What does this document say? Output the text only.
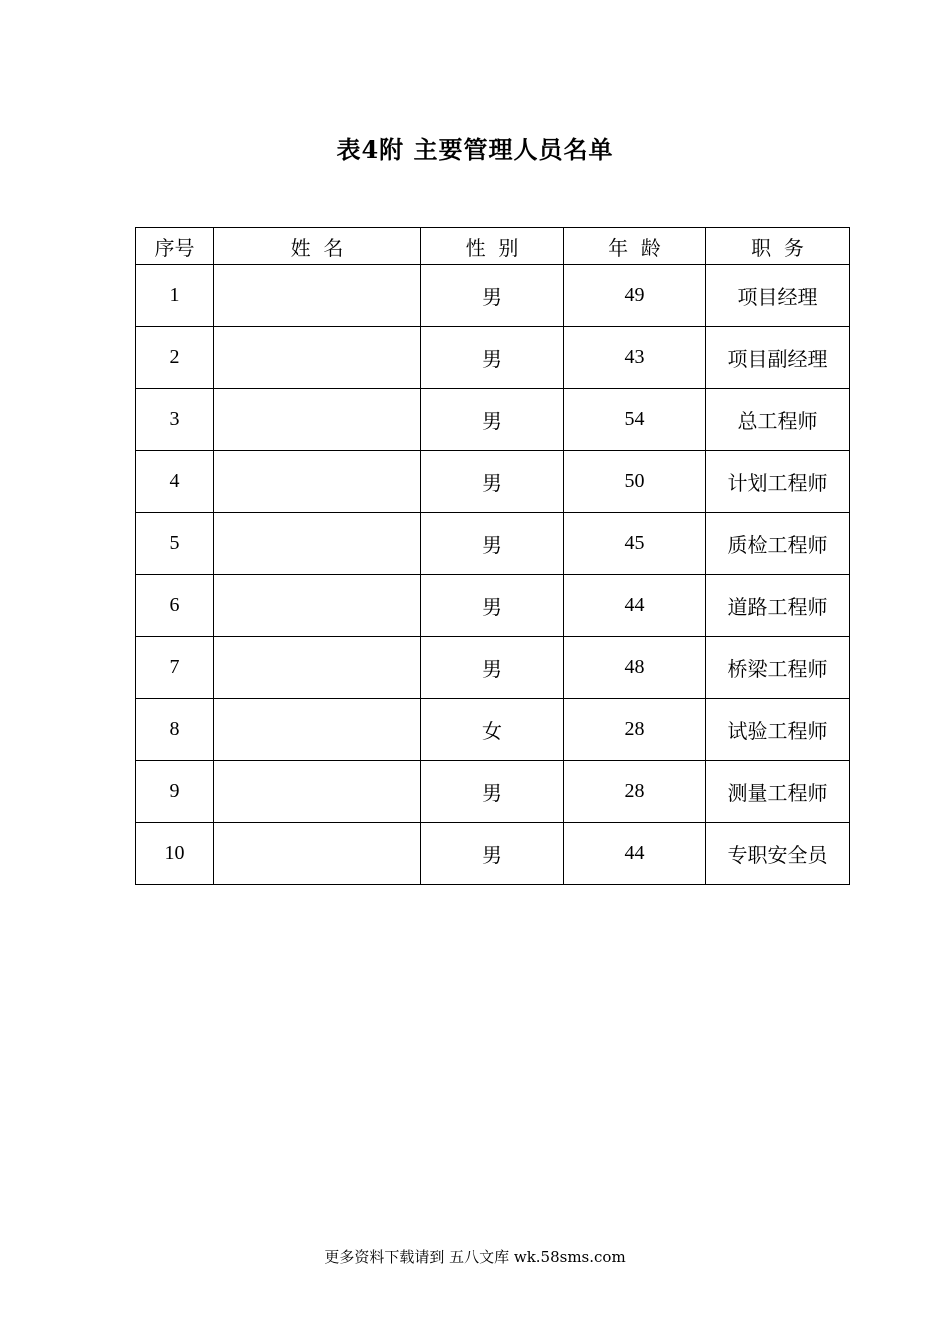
表4附 主要管理人员名单
序号	姓  名	性  别	年  龄	职  务
1		男	49	项目经理
2		男	43	项目副经理
3		男	54	总工程师
4		男	50	计划工程师
5		男	45	质检工程师
6		男	44	道路工程师
7		男	48	桥梁工程师
8		女	28	试验工程师
9		男	28	测量工程师
10		男	44	专职安全员
更多资料下载请到 五八文库 wk.58sms.com
